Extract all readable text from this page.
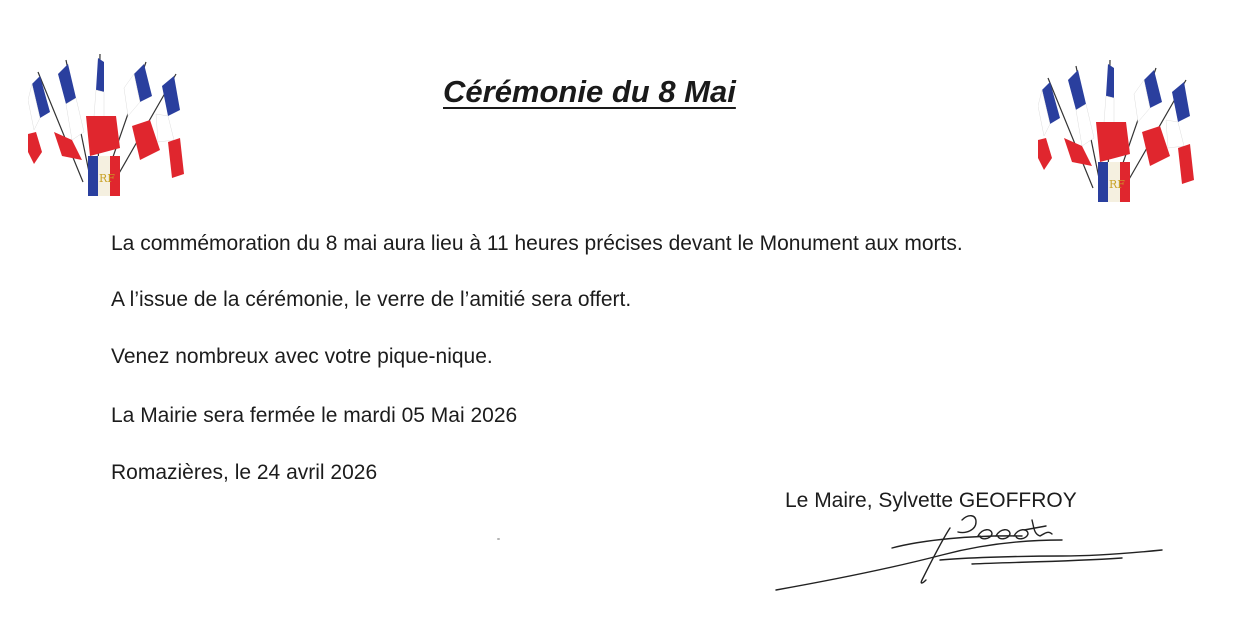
RF
Cérémonie du 8 Mai
RF
La commémoration du 8 mai aura lieu à 11 heures précises devant le Monument aux morts.
A l’issue de la cérémonie, le verre de l’amitié sera offert.
Venez nombreux avec votre pique-nique.
La Mairie sera fermée le mardi 05 Mai 2026
Romazières, le 24 avril 2026
Le Maire, Sylvette GEOFFROY
